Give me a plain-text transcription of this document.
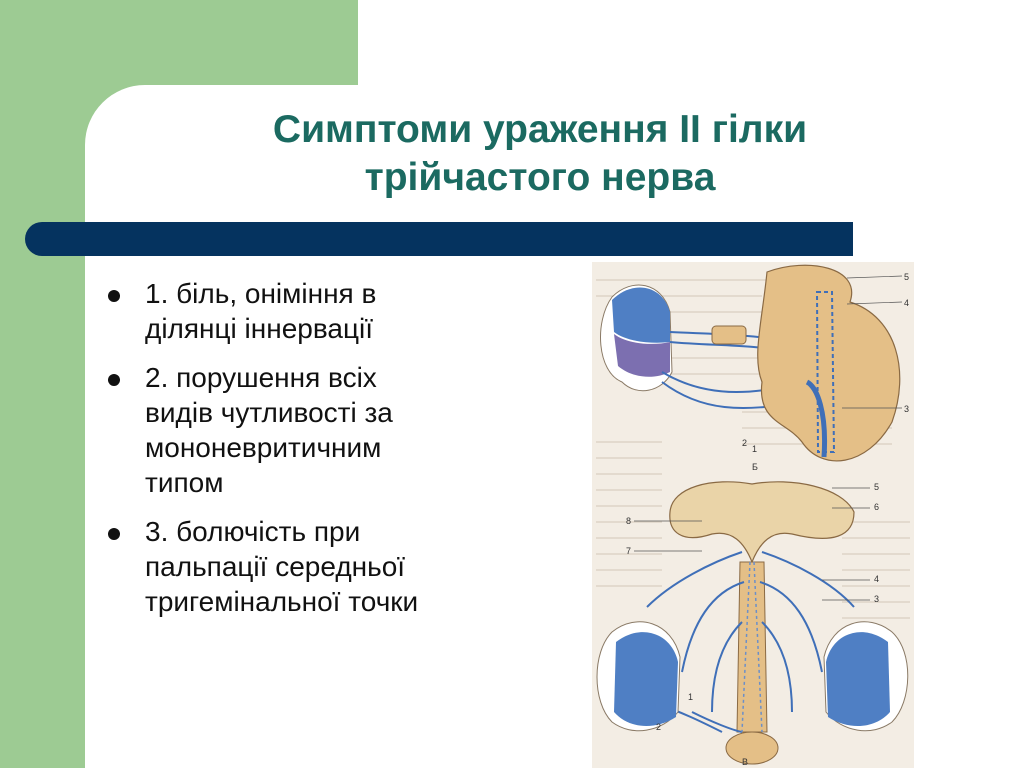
Симптоми ураження II гілки
трійчастого нерва
1. біль, оніміння в
ділянці іннервації
2. порушення всіх
видів чутливості за
мононевритичним
типом
3. болючість при
пальпації середньої
тригемінальної точки
5
4
3
2
1
Б
5
6
8
7
4
3
2
1
В
